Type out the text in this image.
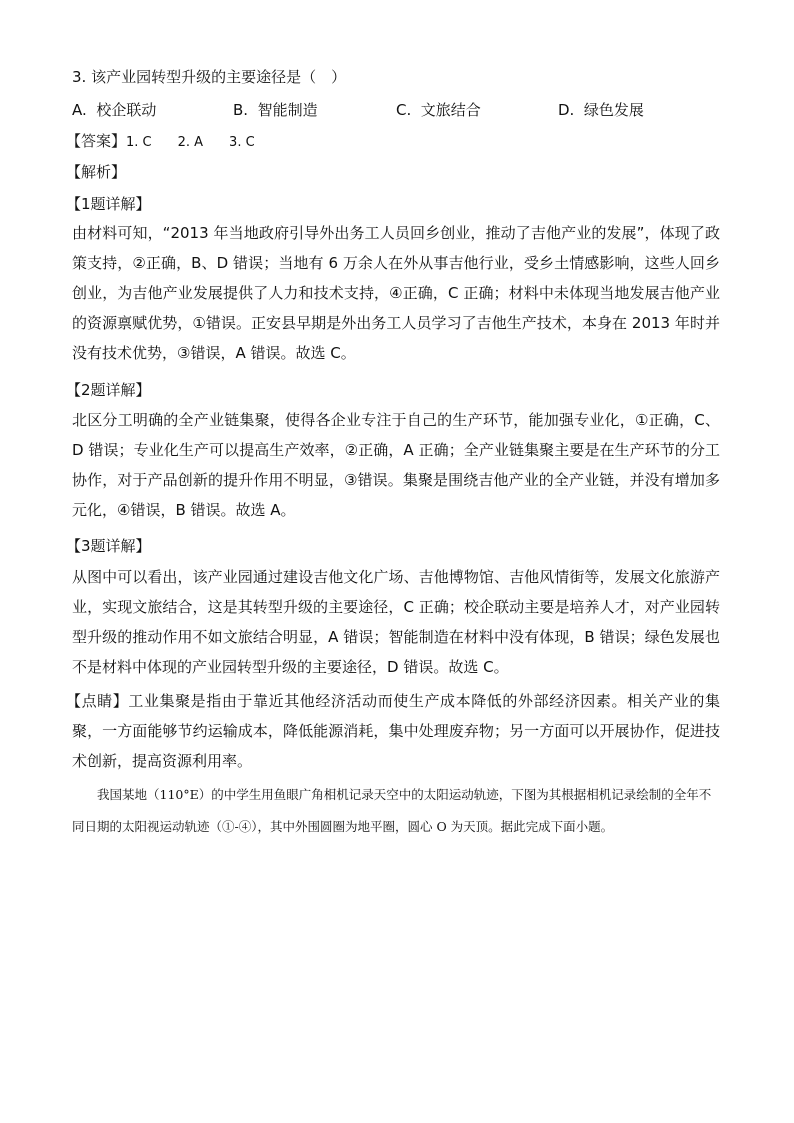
3. 该产业园转型升级的主要途径是（　）
A. 校企联动	B. 智能制造	C. 文旅结合	D. 绿色发展
【答案】1. C　　2. A　　3. C
【解析】
【1题详解】
由材料可知，“2013 年当地政府引导外出务工人员回乡创业，推动了吉他产业的发展”，体现了政策支持，②正确，B、D 错误；当地有 6 万余人在外从事吉他行业，受乡土情感影响，这些人回乡创业，为吉他产业发展提供了人力和技术支持，④正确，C 正确；材料中未体现当地发展吉他产业的资源禀赋优势，①错误。正安县早期是外出务工人员学习了吉他生产技术，本身在 2013 年时并没有技术优势，③错误，A 错误。故选 C。
【2题详解】
北区分工明确的全产业链集聚，使得各企业专注于自己的生产环节，能加强专业化，①正确，C、D 错误；专业化生产可以提高生产效率，②正确，A 正确；全产业链集聚主要是在生产环节的分工协作，对于产品创新的提升作用不明显，③错误。集聚是围绕吉他产业的全产业链，并没有增加多元化，④错误，B 错误。故选 A。
【3题详解】
从图中可以看出，该产业园通过建设吉他文化广场、吉他博物馆、吉他风情街等，发展文化旅游产业，实现文旅结合，这是其转型升级的主要途径，C 正确；校企联动主要是培养人才，对产业园转型升级的推动作用不如文旅结合明显，A 错误；智能制造在材料中没有体现，B 错误；绿色发展也不是材料中体现的产业园转型升级的主要途径，D 错误。故选 C。
【点睛】工业集聚是指由于靠近其他经济活动而使生产成本降低的外部经济因素。相关产业的集聚，一方面能够节约运输成本，降低能源消耗，集中处理废弃物；另一方面可以开展协作，促进技术创新，提高资源利用率。
我国某地（110°E）的中学生用鱼眼广角相机记录天空中的太阳运动轨迹，下图为其根据相机记录绘制的全年不同日期的太阳视运动轨迹（①-④），其中外围圆圈为地平圈，圆心 O 为天顶。据此完成下面小题。
